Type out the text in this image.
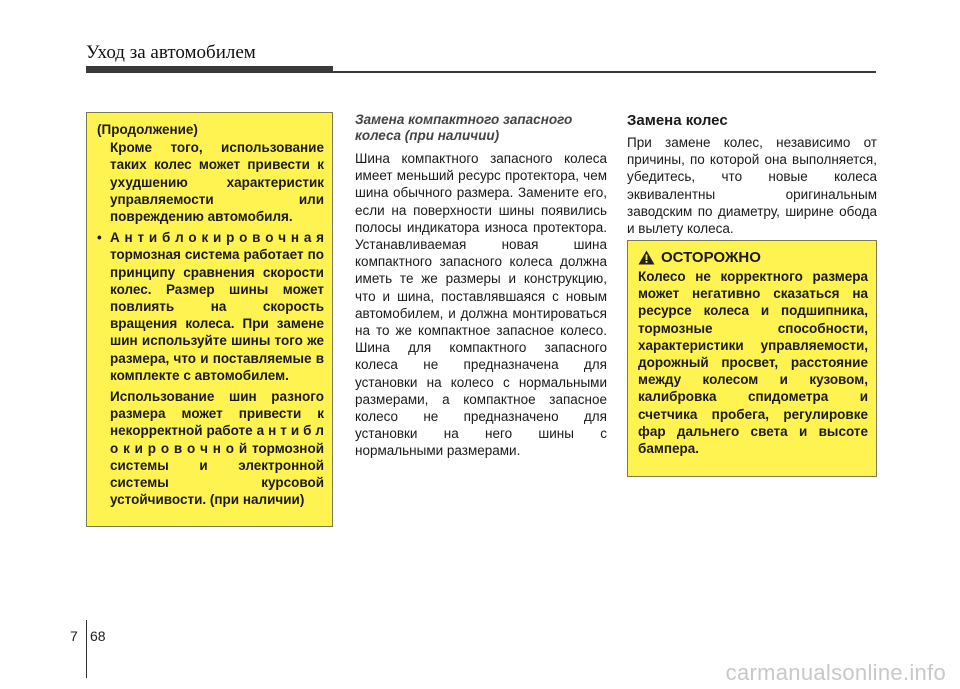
Уход за автомобилем

(Продолжение)

Кроме того, использование таких колес может привести к ухудшению характеристик управляемости или повреждению автомобиля.

• А н т и б л о к и р о в о ч н а я тормозная система работает по принципу сравнения скорости колес. Размер шины может повлиять на скорость вращения колеса. При замене шин используйте шины того же размера, что и поставляемые в комплекте с автомобилем.

Использование шин разного размера может привести к некорректной работе а н т и б л о к и р о в о ч н о й тормозной системы и электронной системы курсовой устойчивости. (при наличии)

Замена компактного запасного колеса (при наличии)

Шина компактного запасного колеса имеет меньший ресурс протектора, чем шина обычного размера. Замените его, если на поверхности шины появились полосы индикатора износа протектора. Устанавливаемая новая шина компактного запасного колеса должна иметь те же размеры и конструкцию, что и шина, поставлявшаяся с новым автомобилем, и должна монтироваться на то же компактное запасное колесо. Шина для компактного запасного колеса не предназначена для установки на колесо с нормальными размерами, а компактное запасное колесо не предназначено для установки на него шины с нормальными размерами.

Замена колес

При замене колес, независимо от причины, по которой она выполняется, убедитесь, что новые колеса эквивалентны оригинальным заводским по диаметру, ширине обода и вылету колеса.

ОСТОРОЖНО

Колесо не корректного размера может негативно сказаться на ресурсе колеса и подшипника, тормозные способности, характеристики управляемости, дорожный просвет, расстояние между колесом и кузовом, калибровка спидометра и счетчика пробега, регулировке фар дальнего света и высоте бампера.

7 68
carmanualsonline.info
